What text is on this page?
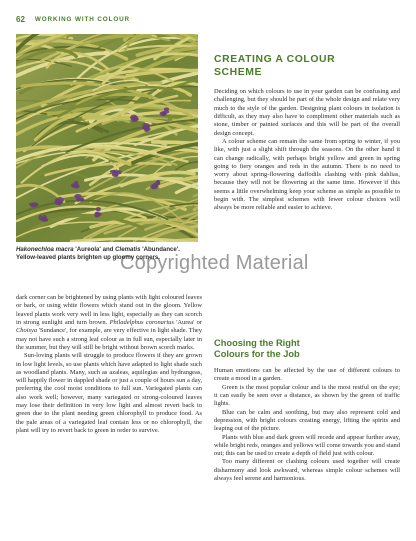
62 WORKING WITH COLOUR
Hakonechloa macra 'Aureola' and Clematis 'Abundance'. Yellow-leaved plants brighten up gloomy corners.

dark corner can be brightened by using plants with light coloured leaves or bark, or using white flowers which stand out in the gloom. Yellow leaved plants work very well in less light, especially as they can scorch in strong sunlight and turn brown. Philadelphus coronarius 'Aurea' or Choisya 'Sundance', for example, are very effective in light shade. They may not have such a strong leaf colour as in full sun, especially later in the summer, but they will still be bright without brown scorch marks.

Sun-loving plants will struggle to produce flowers if they are grown in low light levels, so use plants which have adapted to light shade such as woodland plants. Many, such as azaleas, aquilegias and hydrangeas, will happily flower in dappled shade or just a couple of hours sun a day, preferring the cool moist conditions to full sun. Variegated plants can also work well; however, many variegated or strong-coloured leaves may lose their definition in very low light and almost revert back to green due to the plant needing green chlorophyll to produce food. As the pale areas of a variegated leaf contain less or no chlorophyll, the plant will try to revert back to green in order to survive.

CREATING A COLOUR
SCHEME

Deciding on which colours to use in your garden can be confusing and challenging, but they should be part of the whole design and relate very much to the style of the garden. Designing plant colours in isolation is difficult, as they may also have to compliment other materials such as stone, timber or painted surfaces and this will be part of the overall design concept.

A colour scheme can remain the same from spring to winter, if you like, with just a slight shift through the seasons. On the other hand it can change radically, with perhaps bright yellow and green in spring going to fiery oranges and reds in the autumn. There is no need to worry about spring-flowering daffodils clashing with pink dahlias, because they will not be flowering at the same time. However if this seems a little overwhelming keep your scheme as simple as possible to begin with. The simplest schemes with fewer colour choices will always be more reliable and easier to achieve.

Choosing the Right
Colours for the Job

Human emotions can be affected by the use of different colours to create a mood in a garden.

Green is the most popular colour and is the most restful on the eye; it can easily be seen over a distance, as shown by the green of traffic lights.

Blue can be calm and soothing, but may also represent cold and depression, with bright colours creating energy, lifting the spirits and leaping out of the picture.

Plants with blue and dark green will recede and appear further away, while bright reds, oranges and yellows will come towards you and stand out; this can be used to create a depth of field just with colour.

Too many different or clashing colours used together will create disharmony and look awkward, whereas simple colour schemes will always feel serene and harmonious.

Copyrighted Material
